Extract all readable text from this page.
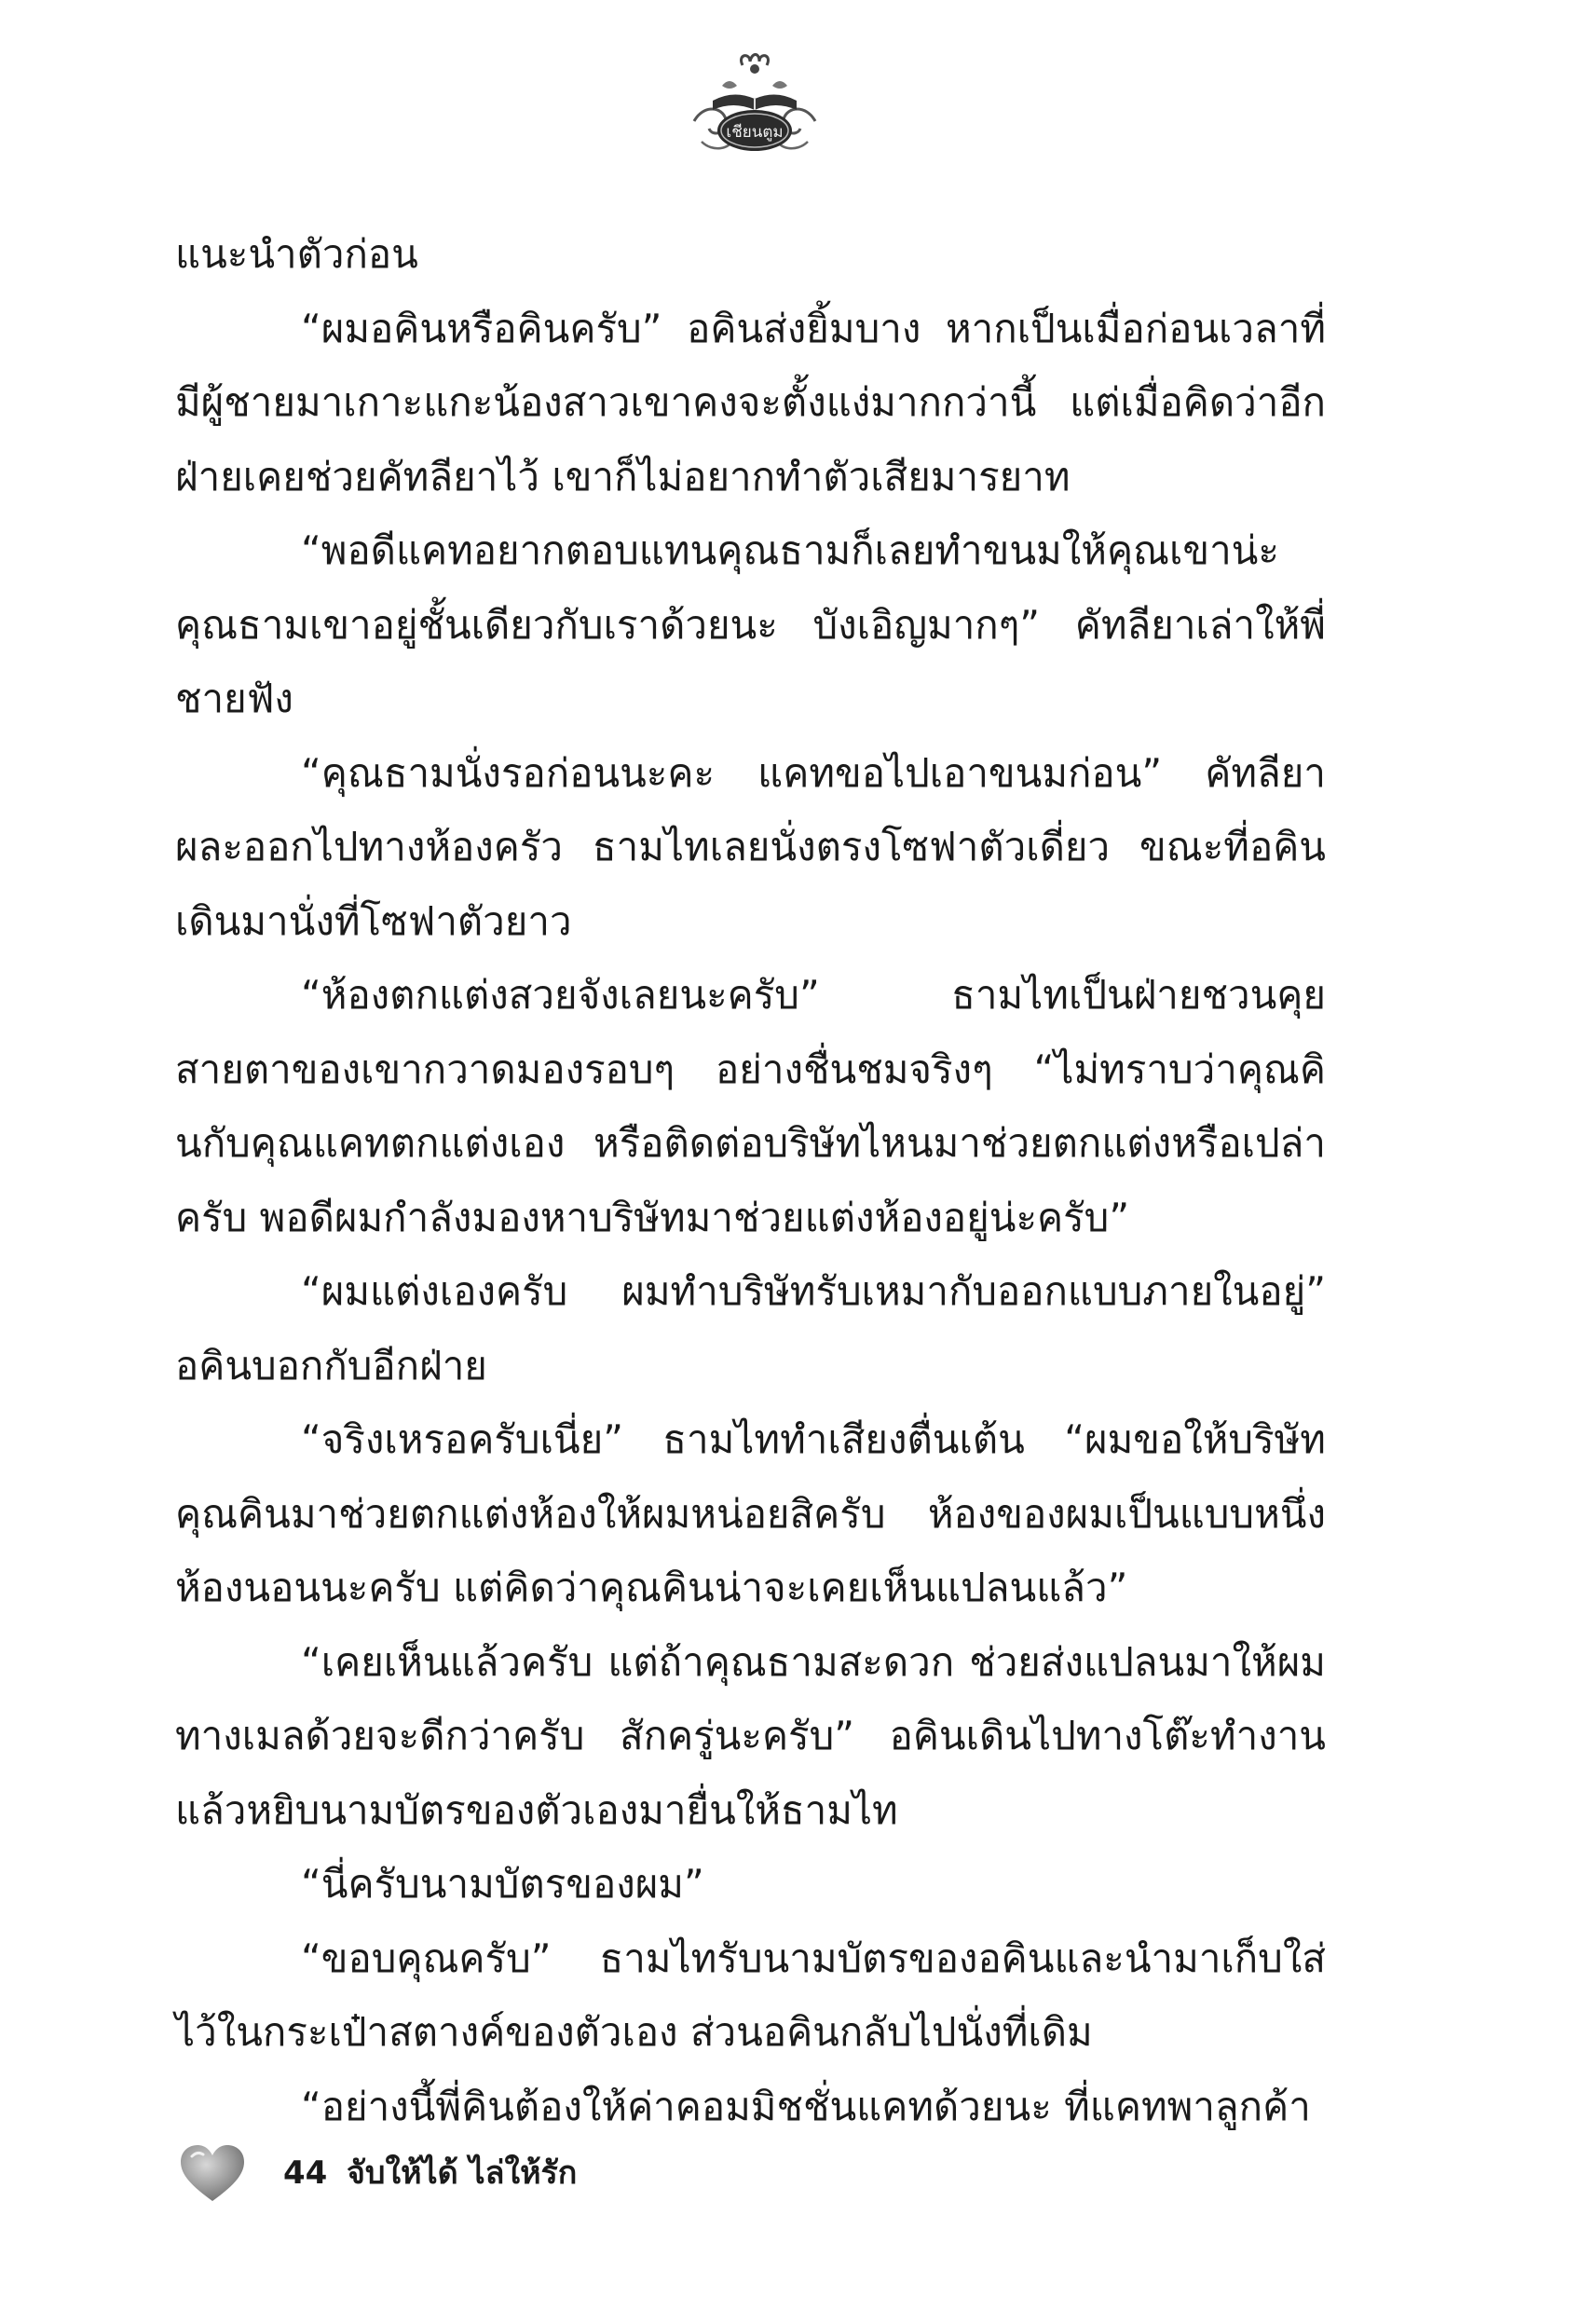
เชียนตูม

แนะนำตัวก่อน

“ผมอคินหรือคินครับ” อคินส่งยิ้มบาง หากเป็นเมื่อก่อนเวลาที่มีผู้ชายมาเกาะแกะน้องสาวเขาคงจะตั้งแง่มากกว่านี้ แต่เมื่อคิดว่าอีกฝ่ายเคยช่วยคัทลียาไว้ เขาก็ไม่อยากทำตัวเสียมารยาท

“พอดีแคทอยากตอบแทนคุณธามก็เลยทำขนมให้คุณเขาน่ะ คุณธามเขาอยู่ชั้นเดียวกับเราด้วยนะ บังเอิญมากๆ” คัทลียาเล่าให้พี่ชายฟัง

“คุณธามนั่งรอก่อนนะคะ แคทขอไปเอาขนมก่อน” คัทลียาผละออกไปทางห้องครัว ธามไทเลยนั่งตรงโซฟาตัวเดี่ยว ขณะที่อคินเดินมานั่งที่โซฟาตัวยาว

“ห้องตกแต่งสวยจังเลยนะครับ” ธามไทเป็นฝ่ายชวนคุย สายตาของเขากวาดมองรอบๆ อย่างชื่นชมจริงๆ “ไม่ทราบว่าคุณคินกับคุณแคทตกแต่งเอง หรือติดต่อบริษัทไหนมาช่วยตกแต่งหรือเปล่าครับ พอดีผมกำลังมองหาบริษัทมาช่วยแต่งห้องอยู่น่ะครับ”

“ผมแต่งเองครับ ผมทำบริษัทรับเหมากับออกแบบภายในอยู่” อคินบอกกับอีกฝ่าย

“จริงเหรอครับเนี่ย” ธามไททำเสียงตื่นเต้น “ผมขอให้บริษัทคุณคินมาช่วยตกแต่งห้องให้ผมหน่อยสิครับ ห้องของผมเป็นแบบหนึ่งห้องนอนนะครับ แต่คิดว่าคุณคินน่าจะเคยเห็นแปลนแล้ว”

“เคยเห็นแล้วครับ แต่ถ้าคุณธามสะดวก ช่วยส่งแปลนมาให้ผมทางเมลด้วยจะดีกว่าครับ สักครู่นะครับ” อคินเดินไปทางโต๊ะทำงานแล้วหยิบนามบัตรของตัวเองมายื่นให้ธามไท

“นี่ครับนามบัตรของผม”

“ขอบคุณครับ” ธามไทรับนามบัตรของอคินและนำมาเก็บใส่ไว้ในกระเป๋าสตางค์ของตัวเอง ส่วนอคินกลับไปนั่งที่เดิม

“อย่างนี้พี่คินต้องให้ค่าคอมมิชชั่นแคทด้วยนะ ที่แคทพาลูกค้า

44 จับให้ได้ ไล่ให้รัก
